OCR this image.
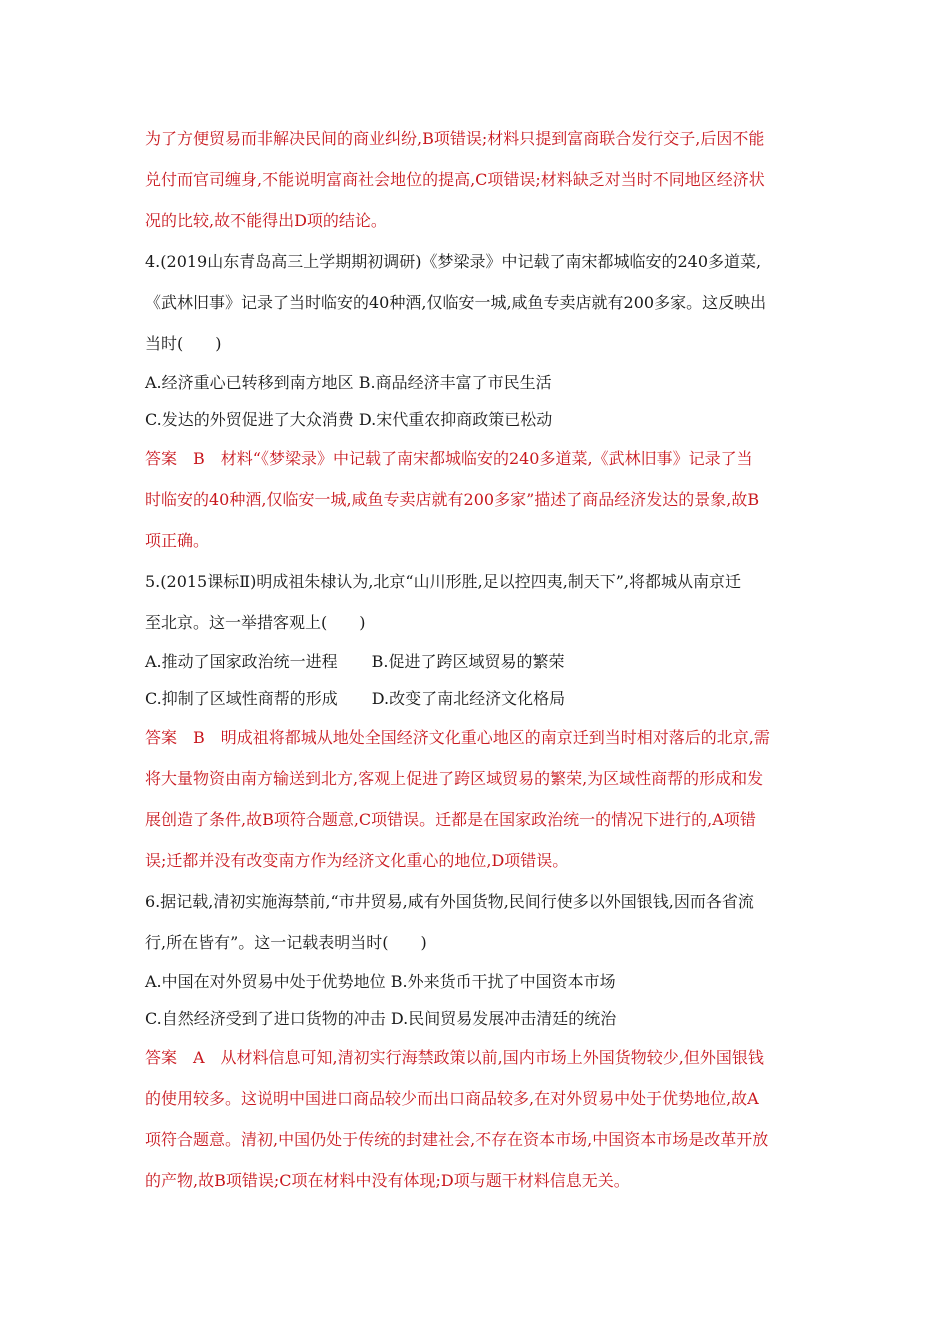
为了方便贸易而非解决民间的商业纠纷,B项错误;材料只提到富商联合发行交子,后因不能
兑付而官司缠身,不能说明富商社会地位的提高,C项错误;材料缺乏对当时不同地区经济状
况的比较,故不能得出D项的结论。
4.(2019山东青岛高三上学期期初调研)《梦梁录》中记载了南宋都城临安的240多道菜,
《武林旧事》记录了当时临安的40种酒,仅临安一城,咸鱼专卖店就有200多家。这反映出
当时(　　)
A.经济重心已转移到南方地区 B.商品经济丰富了市民生活
C.发达的外贸促进了大众消费 D.宋代重农抑商政策已松动
答案　B　材料“《梦梁录》中记载了南宋都城临安的240多道菜,《武林旧事》记录了当
时临安的40种酒,仅临安一城,咸鱼专卖店就有200多家”描述了商品经济发达的景象,故B
项正确。
5.(2015课标Ⅱ)明成祖朱棣认为,北京“山川形胜,足以控四夷,制天下”,将都城从南京迁
至北京。这一举措客观上(　　)
A.推动了国家政治统一进程 B.促进了跨区域贸易的繁荣
C.抑制了区域性商帮的形成 D.改变了南北经济文化格局
答案　B　明成祖将都城从地处全国经济文化重心地区的南京迁到当时相对落后的北京,需
将大量物资由南方输送到北方,客观上促进了跨区域贸易的繁荣,为区域性商帮的形成和发
展创造了条件,故B项符合题意,C项错误。迁都是在国家政治统一的情况下进行的,A项错
误;迁都并没有改变南方作为经济文化重心的地位,D项错误。
6.据记载,清初实施海禁前,“市井贸易,咸有外国货物,民间行使多以外国银钱,因而各省流
行,所在皆有”。这一记载表明当时(　　)
A.中国在对外贸易中处于优势地位 B.外来货币干扰了中国资本市场
C.自然经济受到了进口货物的冲击 D.民间贸易发展冲击清廷的统治
答案　A　从材料信息可知,清初实行海禁政策以前,国内市场上外国货物较少,但外国银钱
的使用较多。这说明中国进口商品较少而出口商品较多,在对外贸易中处于优势地位,故A
项符合题意。清初,中国仍处于传统的封建社会,不存在资本市场,中国资本市场是改革开放
的产物,故B项错误;C项在材料中没有体现;D项与题干材料信息无关。
